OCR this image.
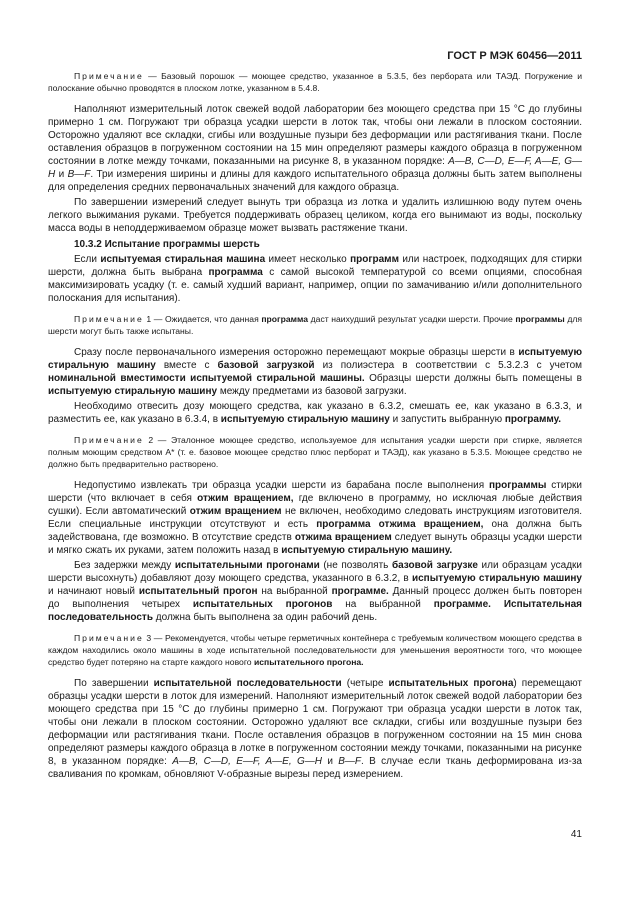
ГОСТ Р МЭК 60456—2011

Примечание — Базовый порошок — моющее средство, указанное в 5.3.5, без пербората или ТАЭД. Погружение и полоскание обычно проводятся в плоском лотке, указанном в 5.4.8.

Наполняют измерительный лоток свежей водой лаборатории без моющего средства при 15 °С до глубины примерно 1 см. Погружают три образца усадки шерсти в лоток так, чтобы они лежали в плоском состоянии. Осторожно удаляют все складки, сгибы или воздушные пузыри без деформации или растягивания ткани. После оставления образцов в погруженном состоянии на 15 мин определяют размеры каждого образца в погруженном состоянии в лотке между точками, показанными на рисунке 8, в указанном порядке: A—B, C—D, E—F, A—E, G—H и B—F. Три измерения ширины и длины для каждого испытательного образца должны быть затем выполнены для определения средних первоначальных значений для каждого образца.

По завершении измерений следует вынуть три образца из лотка и удалить излишнюю воду путем очень легкого выжимания руками. Требуется поддерживать образец целиком, когда его вынимают из воды, поскольку масса воды в неподдерживаемом образце может вызвать растяжение ткани.

10.3.2 Испытание программы шерсть

Если испытуемая стиральная машина имеет несколько программ или настроек, подходящих для стирки шерсти, должна быть выбрана программа с самой высокой температурой со всеми опциями, способная максимизировать усадку (т. е. самый худший вариант, например, опции по замачиванию и/или дополнительного полоскания для испытания).

Примечание 1 — Ожидается, что данная программа даст наихудший результат усадки шерсти. Прочие программы для шерсти могут быть также испытаны.

Сразу после первоначального измерения осторожно перемещают мокрые образцы шерсти в испытуемую стиральную машину вместе с базовой загрузкой из полиэстера в соответствии с 5.3.2.3 с учетом номинальной вместимости испытуемой стиральной машины. Образцы шерсти должны быть помещены в испытуемую стиральную машину между предметами из базовой загрузки.

Необходимо отвесить дозу моющего средства, как указано в 6.3.2, смешать ее, как указано в 6.3.3, и разместить ее, как указано в 6.3.4, в испытуемую стиральную машину и запустить выбранную программу.

Примечание 2 — Эталонное моющее средство, используемое для испытания усадки шерсти при стирке, является полным моющим средством А* (т. е. базовое моющее средство плюс перборат и ТАЭД), как указано в 5.3.5. Моющее средство не должно быть предварительно растворено.

Недопустимо извлекать три образца усадки шерсти из барабана после выполнения программы стирки шерсти (что включает в себя отжим вращением, где включено в программу, но исключая любые действия сушки). Если автоматический отжим вращением не включен, необходимо следовать инструкциям изготовителя. Если специальные инструкции отсутствуют и есть программа отжима вращением, она должна быть задействована, где возможно. В отсутствие средств отжима вращением следует вынуть образцы усадки шерсти и мягко сжать их руками, затем положить назад в испытуемую стиральную машину.

Без задержки между испытательными прогонами (не позволять базовой загрузке или образцам усадки шерсти высохнуть) добавляют дозу моющего средства, указанного в 6.3.2, в испытуемую стиральную машину и начинают новый испытательный прогон на выбранной программе. Данный процесс должен быть повторен до выполнения четырех испытательных прогонов на выбранной программе. Испытательная последовательность должна быть выполнена за один рабочий день.

Примечание 3 — Рекомендуется, чтобы четыре герметичных контейнера с требуемым количеством моющего средства в каждом находились около машины в ходе испытательной последовательности для уменьшения вероятности того, что моющее средство будет потеряно на старте каждого нового испытательного прогона.

По завершении испытательной последовательности (четыре испытательных прогона) перемещают образцы усадки шерсти в лоток для измерений. Наполняют измерительный лоток свежей водой лаборатории без моющего средства при 15 °С до глубины примерно 1 см. Погружают три образца усадки шерсти в лоток так, чтобы они лежали в плоском состоянии. Осторожно удаляют все складки, сгибы или воздушные пузыри без деформации или растягивания ткани. После оставления образцов в погруженном состоянии на 15 мин снова определяют размеры каждого образца в лотке в погруженном состоянии между точками, показанными на рисунке 8, в указанном порядке: A—B, C—D, E—F, A—E, G—H и B—F. В случае если ткань деформирована из-за сваливания по кромкам, обновляют V-образные вырезы перед измерением.

41
